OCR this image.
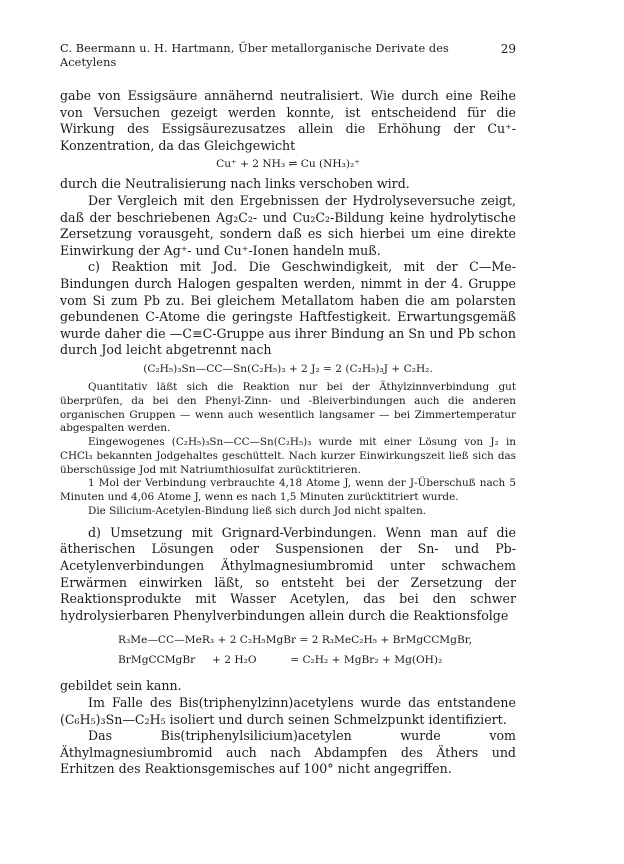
C. Beermann u. H. Hartmann, Über metallorganische Derivate des Acetylens
29

gabe von Essigsäure annähernd neutralisiert. Wie durch eine Reihe von Versuchen gezeigt werden konnte, ist entscheidend für die Wirkung des Essigsäurezusatzes allein die Erhöhung der Cu⁺-Konzentration, da das Gleichgewicht

Cu⁺ + 2 NH₃ ⇌ Cu (NH₃)₂⁺

durch die Neutralisierung nach links verschoben wird.

Der Vergleich mit den Ergebnissen der Hydrolyseversuche zeigt, daß der beschriebenen Ag₂C₂- und Cu₂C₂-Bildung keine hydrolytische Zersetzung vorausgeht, sondern daß es sich hierbei um eine direkte Einwirkung der Ag⁺- und Cu⁺-Ionen handeln muß.

c) Reaktion mit Jod. Die Geschwindigkeit, mit der C—Me-Bindungen durch Halogen gespalten werden, nimmt in der 4. Gruppe vom Si zum Pb zu. Bei gleichem Metallatom haben die am polarsten gebundenen C-Atome die geringste Haftfestigkeit. Erwartungsgemäß wurde daher die —C≡C-Gruppe aus ihrer Bindung an Sn und Pb schon durch Jod leicht abgetrennt nach

(C₂H₅)₃Sn—CC—Sn(C₂H₅)₃ + 2 J₂ = 2 (C₂H₅)₃J + C₂H₂.

Quantitativ läßt sich die Reaktion nur bei der Äthylzinnverbindung gut überprüfen, da bei den Phenyl-Zinn- und -Bleiverbindungen auch die anderen organischen Gruppen — wenn auch wesentlich langsamer — bei Zimmertemperatur abgespalten werden.

Eingewogenes (C₂H₅)₃Sn—CC—Sn(C₂H₅)₃ wurde mit einer Lösung von J₂ in CHCl₃ bekannten Jodgehaltes geschüttelt. Nach kurzer Einwirkungszeit ließ sich das überschüssige Jod mit Natriumthiosulfat zurücktitrieren.

1 Mol der Verbindung verbrauchte 4,18 Atome J, wenn der J-Überschuß nach 5 Minuten und 4,06 Atome J, wenn es nach 1,5 Minuten zurücktitriert wurde.

Die Silicium-Acetylen-Bindung ließ sich durch Jod nicht spalten.

d) Umsetzung mit Grignard-Verbindungen. Wenn man auf die ätherischen Lösungen oder Suspensionen der Sn- und Pb-Acetylenverbindungen Äthylmagnesiumbromid unter schwachem Erwärmen einwirken läßt, so entsteht bei der Zersetzung der Reaktionsprodukte mit Wasser Acetylen, das bei den schwer hydrolysierbaren Phenylverbindungen allein durch die Reaktionsfolge

R₃Me—CC—MeR₃ + 2 C₂H₅MgBr = 2 R₃MeC₂H₅ + BrMgCCMgBr,
BrMgCCMgBr     + 2 H₂O          = C₂H₂ + MgBr₂ + Mg(OH)₂

gebildet sein kann.

Im Falle des Bis(triphenylzinn)acetylens wurde das entstandene (C₆H₅)₃Sn—C₂H₅ isoliert und durch seinen Schmelzpunkt identifiziert.

Das Bis(triphenylsilicium)acetylen wurde vom Äthylmagnesiumbromid auch nach Abdampfen des Äthers und Erhitzen des Reaktionsgemisches auf 100° nicht angegriffen.
